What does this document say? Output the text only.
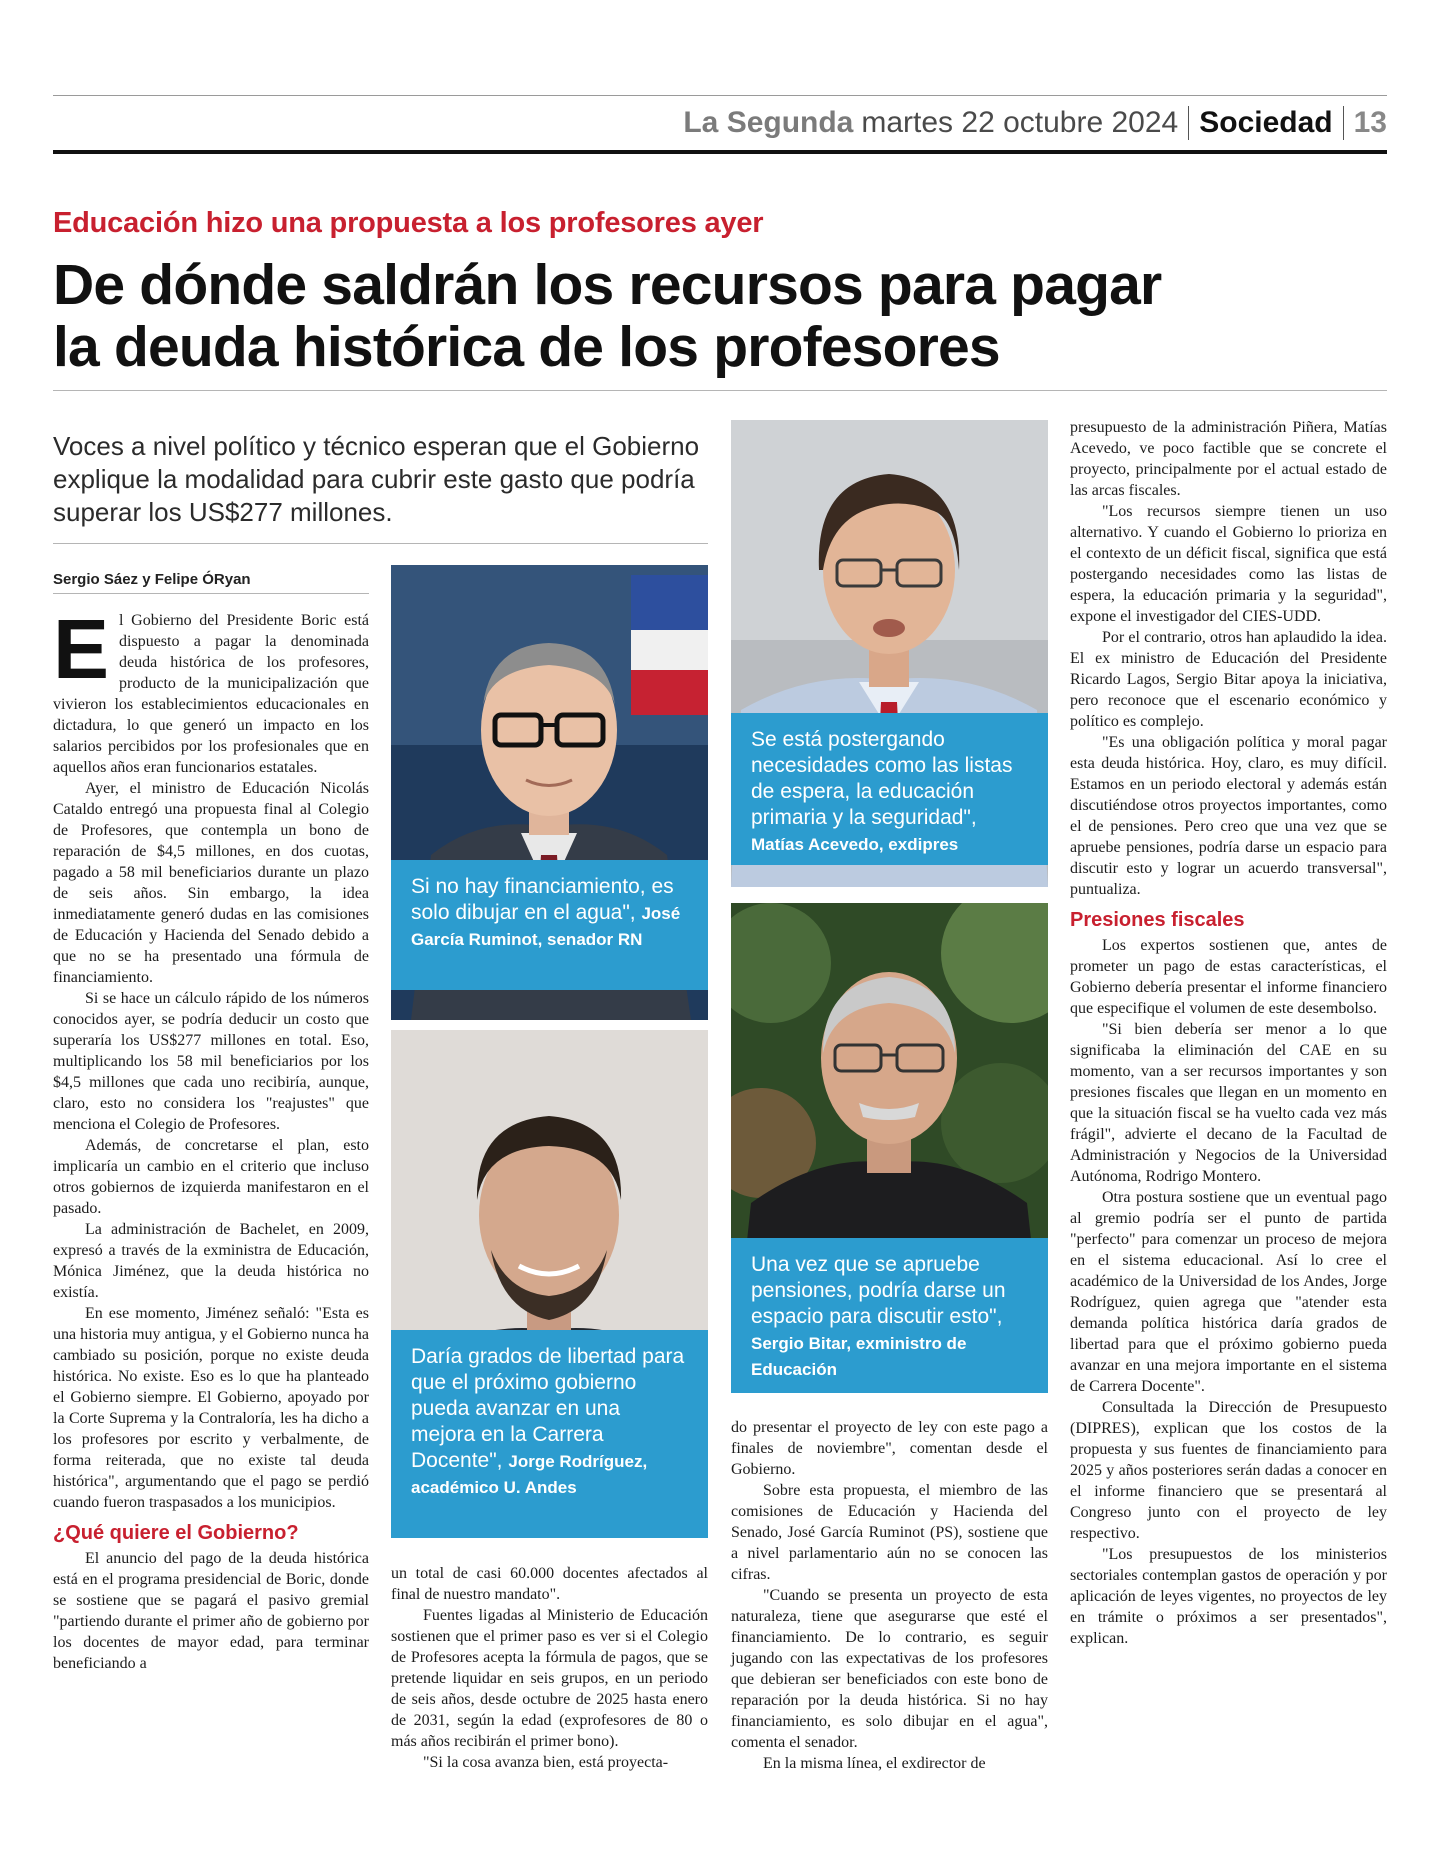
La Segunda martes 22 octubre 2024 Sociedad 13
Educación hizo una propuesta a los profesores ayer
De dónde saldrán los recursos para pagar
la deuda histórica de los profesores
Voces a nivel político y técnico esperan que el Gobierno explique la modalidad para cubrir este gasto que podría superar los US$277 millones.
Sergio Sáez y Felipe ÓRyan

El Gobierno del Presidente Boric está dispuesto a pagar la denominada deuda histórica de los profesores, producto de la municipalización que vivieron los establecimientos educacionales en dictadura, lo que generó un impacto en los salarios percibidos por los profesionales que en aquellos años eran funcionarios estatales.

Ayer, el ministro de Educación Nicolás Cataldo entregó una propuesta final al Colegio de Profesores, que contempla un bono de reparación de $4,5 millones, en dos cuotas, pagado a 58 mil beneficiarios durante un plazo de seis años. Sin embargo, la idea inmediatamente generó dudas en las comisiones de Educación y Hacienda del Senado debido a que no se ha presentado una fórmula de financiamiento.

Si se hace un cálculo rápido de los números conocidos ayer, se podría deducir un costo que superaría los US$277 millones en total. Eso, multiplicando los 58 mil beneficiarios por los $4,5 millones que cada uno recibiría, aunque, claro, esto no considera los "reajustes" que menciona el Colegio de Profesores.

Además, de concretarse el plan, esto implicaría un cambio en el criterio que incluso otros gobiernos de izquierda manifestaron en el pasado.

La administración de Bachelet, en 2009, expresó a través de la exministra de Educación, Mónica Jiménez, que la deuda histórica no existía.

En ese momento, Jiménez señaló: "Esta es una historia muy antigua, y el Gobierno nunca ha cambiado su posición, porque no existe deuda histórica. No existe. Eso es lo que ha planteado el Gobierno siempre. El Gobierno, apoyado por la Corte Suprema y la Contraloría, les ha dicho a los profesores por escrito y verbalmente, de forma reiterada, que no existe tal deuda histórica", argumentando que el pago se perdió cuando fueron traspasados a los municipios.

¿Qué quiere el Gobierno?

El anuncio del pago de la deuda histórica está en el programa presidencial de Boric, donde se sostiene que se pagará el pasivo gremial "partiendo durante el primer año de gobierno por los docentes de mayor edad, para terminar beneficiando a

Si no hay financiamiento, es solo dibujar en el agua", José García Ruminot, senador RN
Daría grados de libertad para que el próximo gobierno pueda avanzar en una mejora en la Carrera Docente", Jorge Rodríguez, académico U. Andes

un total de casi 60.000 docentes afectados al final de nuestro mandato".

Fuentes ligadas al Ministerio de Educación sostienen que el primer paso es ver si el Colegio de Profesores acepta la fórmula de pagos, que se pretende liquidar en seis grupos, en un periodo de seis años, desde octubre de 2025 hasta enero de 2031, según la edad (exprofesores de 80 o más años recibirán el primer bono).

"Si la cosa avanza bien, está proyecta-

Se está postergando necesidades como las listas de espera, la educación primaria y la seguridad", Matías Acevedo, exdipres
Una vez que se apruebe pensiones, podría darse un espacio para discutir esto", Sergio Bitar, exministro de Educación

do presentar el proyecto de ley con este pago a finales de noviembre", comentan desde el Gobierno.

Sobre esta propuesta, el miembro de las comisiones de Educación y Hacienda del Senado, José García Ruminot (PS), sostiene que a nivel parlamentario aún no se conocen las cifras.

"Cuando se presenta un proyecto de esta naturaleza, tiene que asegurarse que esté el financiamiento. De lo contrario, es seguir jugando con las expectativas de los profesores que debieran ser beneficiados con este bono de reparación por la deuda histórica. Si no hay financiamiento, es solo dibujar en el agua", comenta el senador.

En la misma línea, el exdirector de

presupuesto de la administración Piñera, Matías Acevedo, ve poco factible que se concrete el proyecto, principalmente por el actual estado de las arcas fiscales.

"Los recursos siempre tienen un uso alternativo. Y cuando el Gobierno lo prioriza en el contexto de un déficit fiscal, significa que está postergando necesidades como las listas de espera, la educación primaria y la seguridad", expone el investigador del CIES-UDD.

Por el contrario, otros han aplaudido la idea. El ex ministro de Educación del Presidente Ricardo Lagos, Sergio Bitar apoya la iniciativa, pero reconoce que el escenario económico y político es complejo.

"Es una obligación política y moral pagar esta deuda histórica. Hoy, claro, es muy difícil. Estamos en un periodo electoral y además están discutiéndose otros proyectos importantes, como el de pensiones. Pero creo que una vez que se apruebe pensiones, podría darse un espacio para discutir esto y lograr un acuerdo transversal", puntualiza.

Presiones fiscales

Los expertos sostienen que, antes de prometer un pago de estas características, el Gobierno debería presentar el informe financiero que especifique el volumen de este desembolso.

"Si bien debería ser menor a lo que significaba la eliminación del CAE en su momento, van a ser recursos importantes y son presiones fiscales que llegan en un momento en que la situación fiscal se ha vuelto cada vez más frágil", advierte el decano de la Facultad de Administración y Negocios de la Universidad Autónoma, Rodrigo Montero.

Otra postura sostiene que un eventual pago al gremio podría ser el punto de partida "perfecto" para comenzar un proceso de mejora en el sistema educacional. Así lo cree el académico de la Universidad de los Andes, Jorge Rodríguez, quien agrega que "atender esta demanda política histórica daría grados de libertad para que el próximo gobierno pueda avanzar en una mejora importante en el sistema de Carrera Docente".

Consultada la Dirección de Presupuesto (DIPRES), explican que los costos de la propuesta y sus fuentes de financiamiento para 2025 y años posteriores serán dadas a conocer en el informe financiero que se presentará al Congreso junto con el proyecto de ley respectivo.

"Los presupuestos de los ministerios sectoriales contemplan gastos de operación y por aplicación de leyes vigentes, no proyectos de ley en trámite o próximos a ser presentados", explican.
